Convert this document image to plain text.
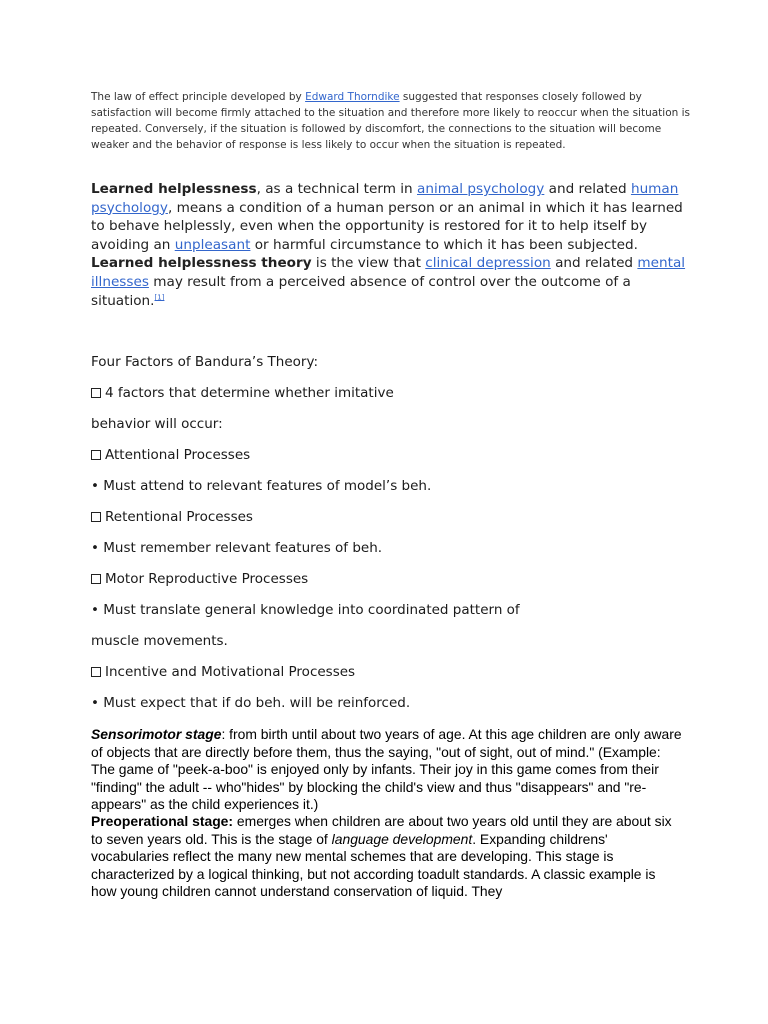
The law of effect principle developed by Edward Thorndike suggested that responses closely followed by satisfaction will become firmly attached to the situation and therefore more likely to reoccur when the situation is repeated. Conversely, if the situation is followed by discomfort, the connections to the situation will become weaker and the behavior of response is less likely to occur when the situation is repeated.

Learned helplessness, as a technical term in animal psychology and related human psychology, means a condition of a human person or an animal in which it has learned to behave helplessly, even when the opportunity is restored for it to help itself by avoiding an unpleasant or harmful circumstance to which it has been subjected. Learned helplessness theory is the view that clinical depression and related mental illnesses may result from a perceived absence of control over the outcome of a situation.[1]

Four Factors of Bandura’s Theory:

4 factors that determine whether imitative

behavior will occur:

Attentional Processes

• Must attend to relevant features of model’s beh.

Retentional Processes

• Must remember relevant features of beh.

Motor Reproductive Processes

• Must translate general knowledge into coordinated pattern of

muscle movements.

Incentive and Motivational Processes

• Must expect that if do beh. will be reinforced.

Sensorimotor stage: from birth until about two years of age. At this age children are only aware of objects that are directly before them, thus the saying, "out of sight, out of mind." (Example: The game of "peek-a-boo" is enjoyed only by infants. Their joy in this game comes from their "finding" the adult -- who"hides" by blocking the child's view and thus "disappears" and "re-appears" as the child experiences it.)

Preoperational stage: emerges when children are about two years old until they are about six to seven years old. This is the stage of language development. Expanding childrens' vocabularies reflect the many new mental schemes that are developing. This stage is characterized by a logical thinking, but not according toadult standards. A classic example is how young children cannot understand conservation of liquid. They
